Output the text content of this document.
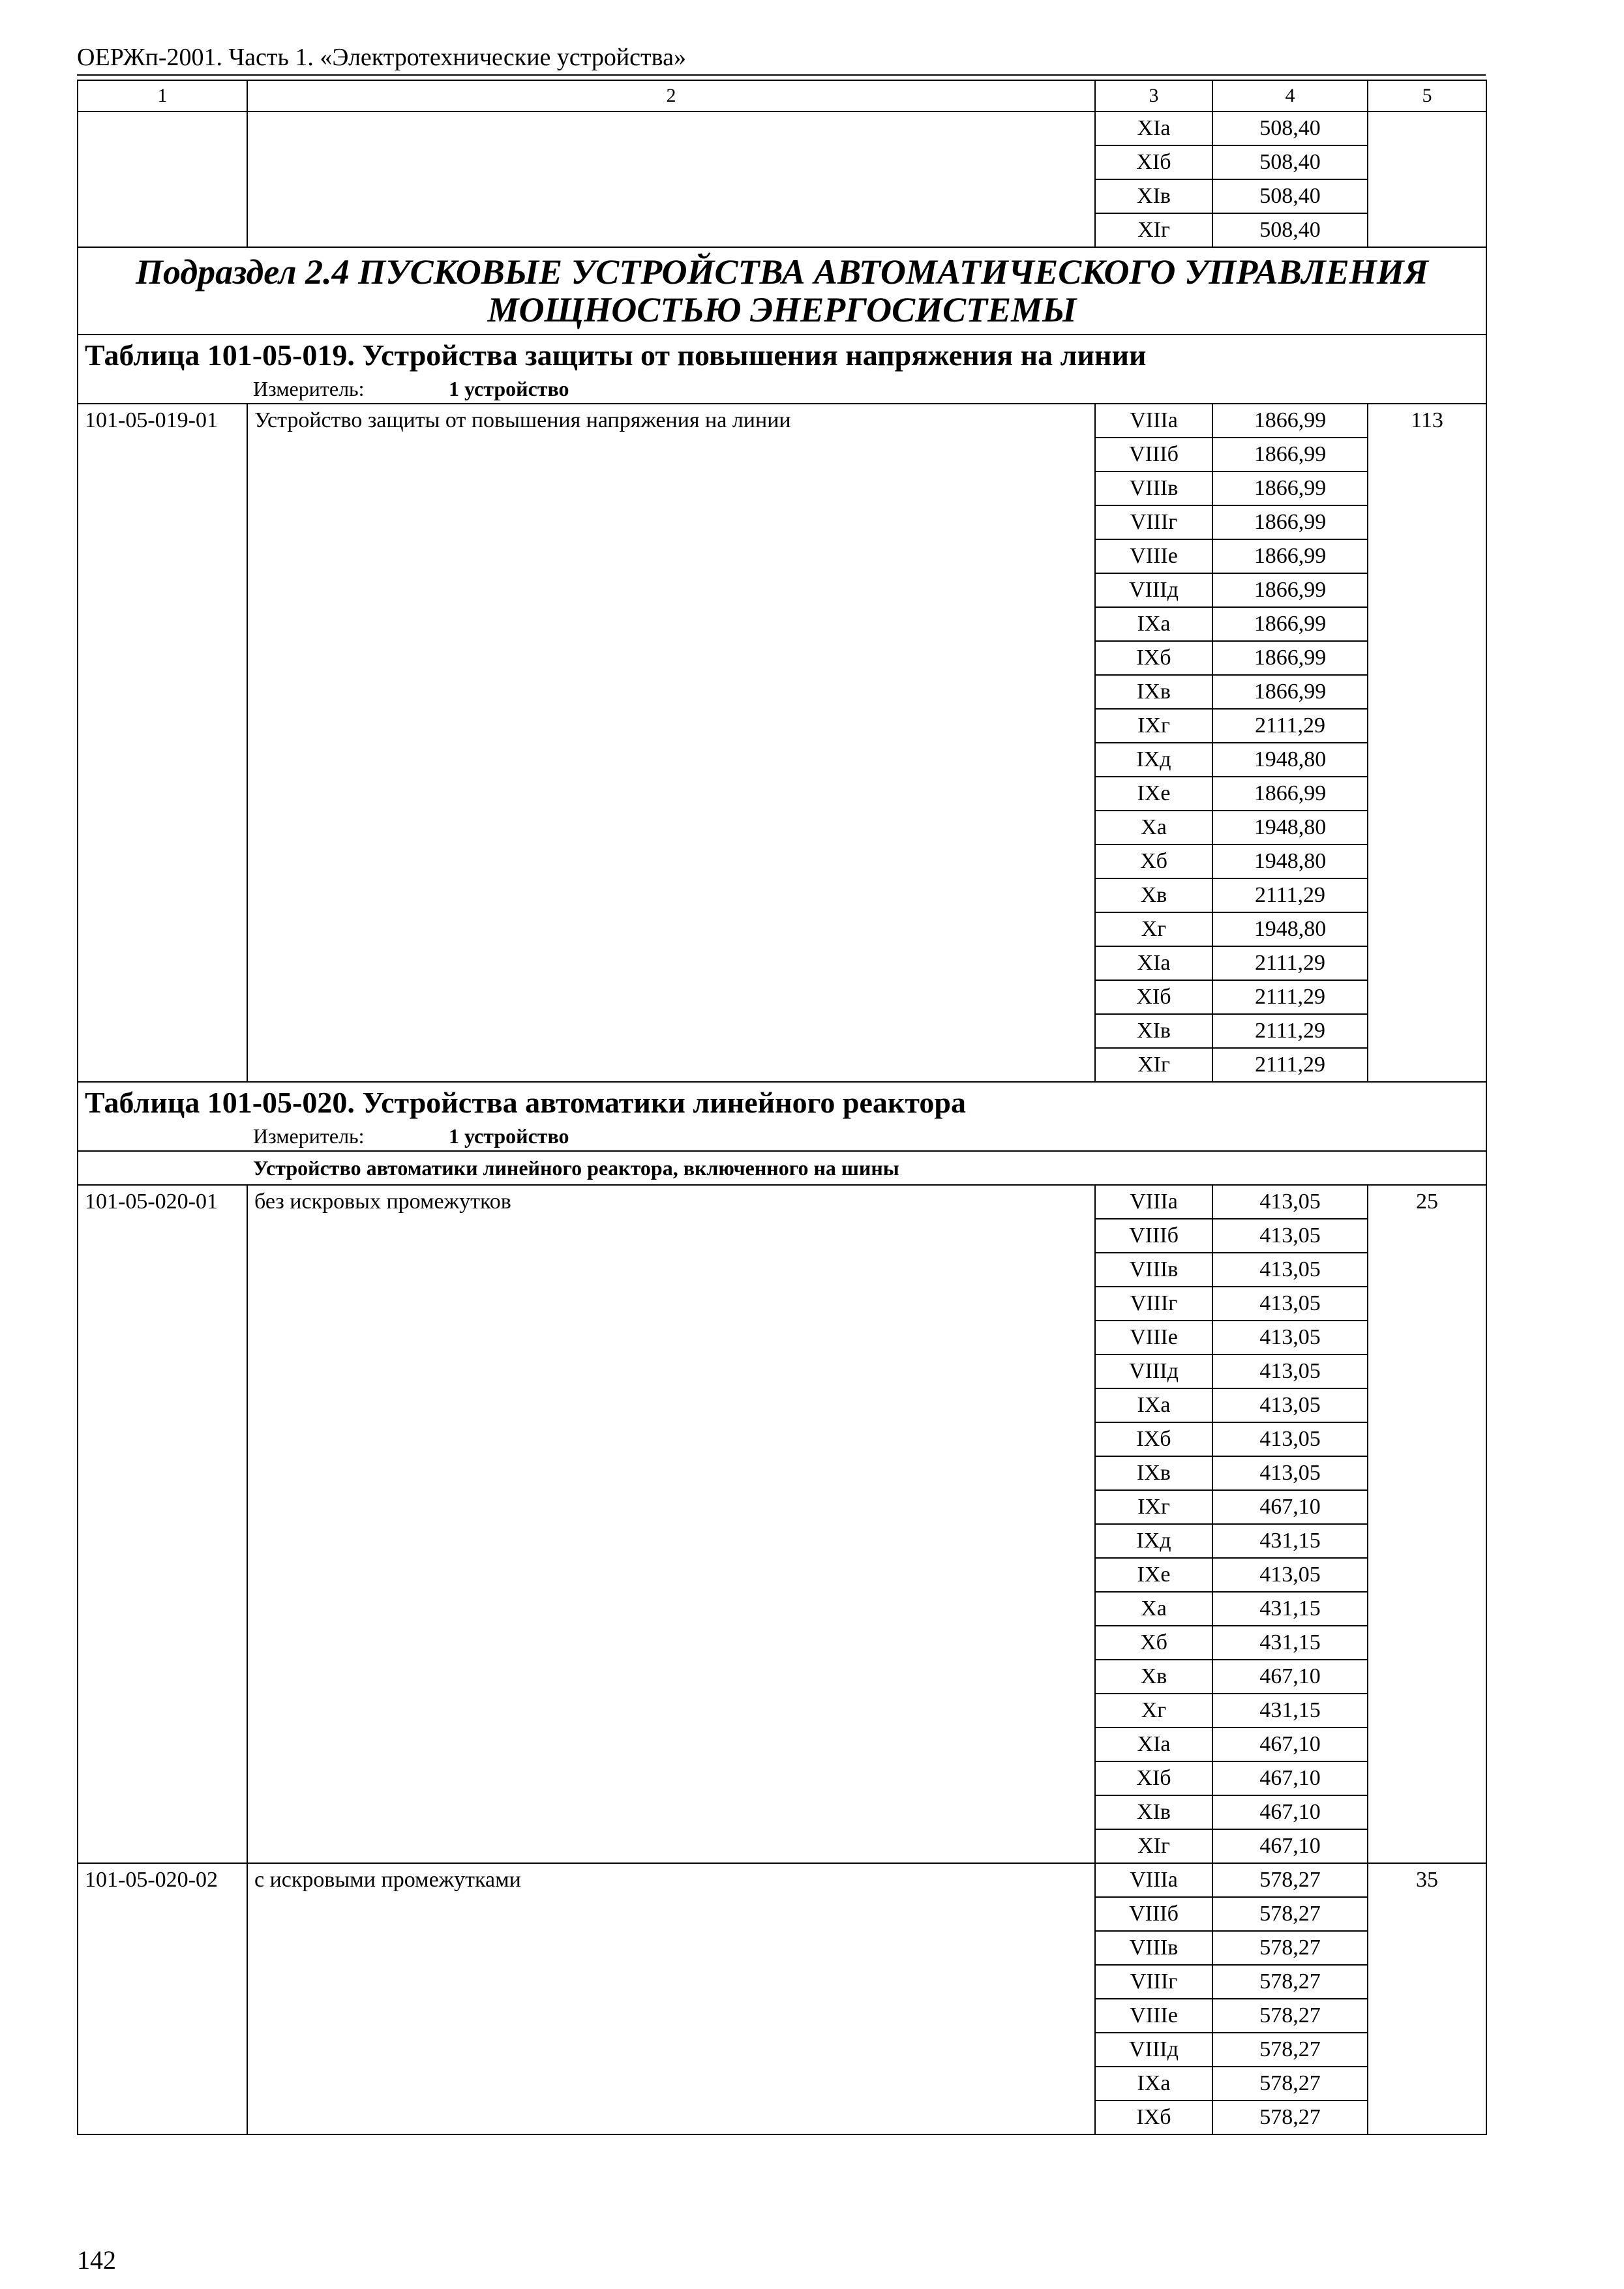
ОЕРЖп-2001. Часть 1. «Электротехнические устройства»
1	2	3	4	5
		XIа	508,40	
		XIб	508,40	
		XIв	508,40	
		XIг	508,40	
Подраздел 2.4 ПУСКОВЫЕ УСТРОЙСТВА АВТОМАТИЧЕСКОГО УПРАВЛЕНИЯ МОЩНОСТЬЮ ЭНЕРГОСИСТЕМЫ				
Таблица 101-05-019. Устройства защиты от повышения напряжения на линии				
Измеритель: 1 устройство				
101-05-019-01	Устройство защиты от повышения напряжения на линии	VIIIа	1866,99	113
		VIIIб	1866,99	
		VIIIв	1866,99	
		VIIIг	1866,99	
		VIIIе	1866,99	
		VIIIд	1866,99	
		IXа	1866,99	
		IXб	1866,99	
		IXв	1866,99	
		IXг	2111,29	
		IXд	1948,80	
		IXе	1866,99	
		Xа	1948,80	
		Xб	1948,80	
		Xв	2111,29	
		Xг	1948,80	
		XIа	2111,29	
		XIб	2111,29	
		XIв	2111,29	
		XIг	2111,29	
Таблица 101-05-020. Устройства автоматики линейного реактора				
Измеритель: 1 устройство				
Устройство автоматики линейного реактора, включенного на шины				
101-05-020-01	без искровых промежутков	VIIIа	413,05	25
		VIIIб	413,05	
		VIIIв	413,05	
		VIIIг	413,05	
		VIIIе	413,05	
		VIIIд	413,05	
		IXа	413,05	
		IXб	413,05	
		IXв	413,05	
		IXг	467,10	
		IXд	431,15	
		IXе	413,05	
		Xа	431,15	
		Xб	431,15	
		Xв	467,10	
		Xг	431,15	
		XIа	467,10	
		XIб	467,10	
		XIв	467,10	
		XIг	467,10	
101-05-020-02	с искровыми промежутками	VIIIа	578,27	35
		VIIIб	578,27	
		VIIIв	578,27	
		VIIIг	578,27	
		VIIIе	578,27	
		VIIIд	578,27	
		IXа	578,27	
		IXб	578,27	
142
